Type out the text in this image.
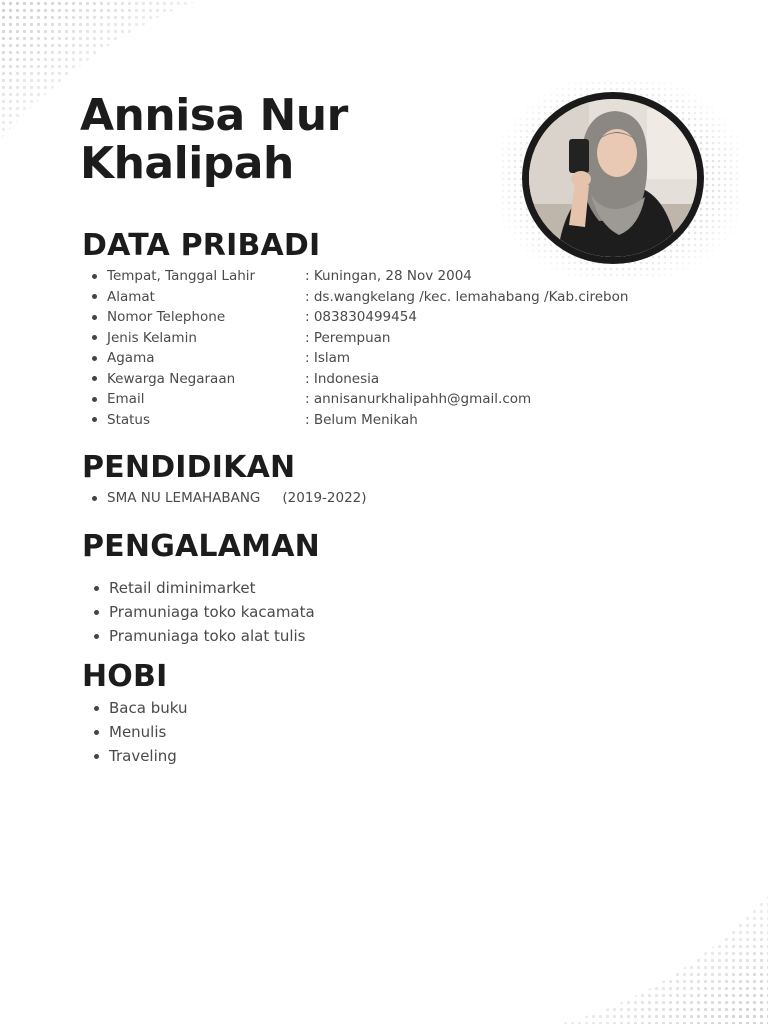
Annisa Nur
Khalipah
DATA PRIBADI
Tempat, Tanggal Lahir	: Kuningan, 28 Nov 2004
Alamat	: ds.wangkelang /kec. lemahabang /Kab.cirebon
Nomor Telephone	: 083830499454
Jenis Kelamin	: Perempuan
Agama	: Islam
Kewarga Negaraan	: Indonesia
Email	: annisanurkhalipahh@gmail.com
Status	: Belum Menikah
PENDIDIKAN
SMA NU LEMAHABANG (2019-2022)
PENGALAMAN
Retail diminimarket
Pramuniaga toko kacamata
Pramuniaga toko alat tulis
HOBI
Baca buku
Menulis
Traveling
